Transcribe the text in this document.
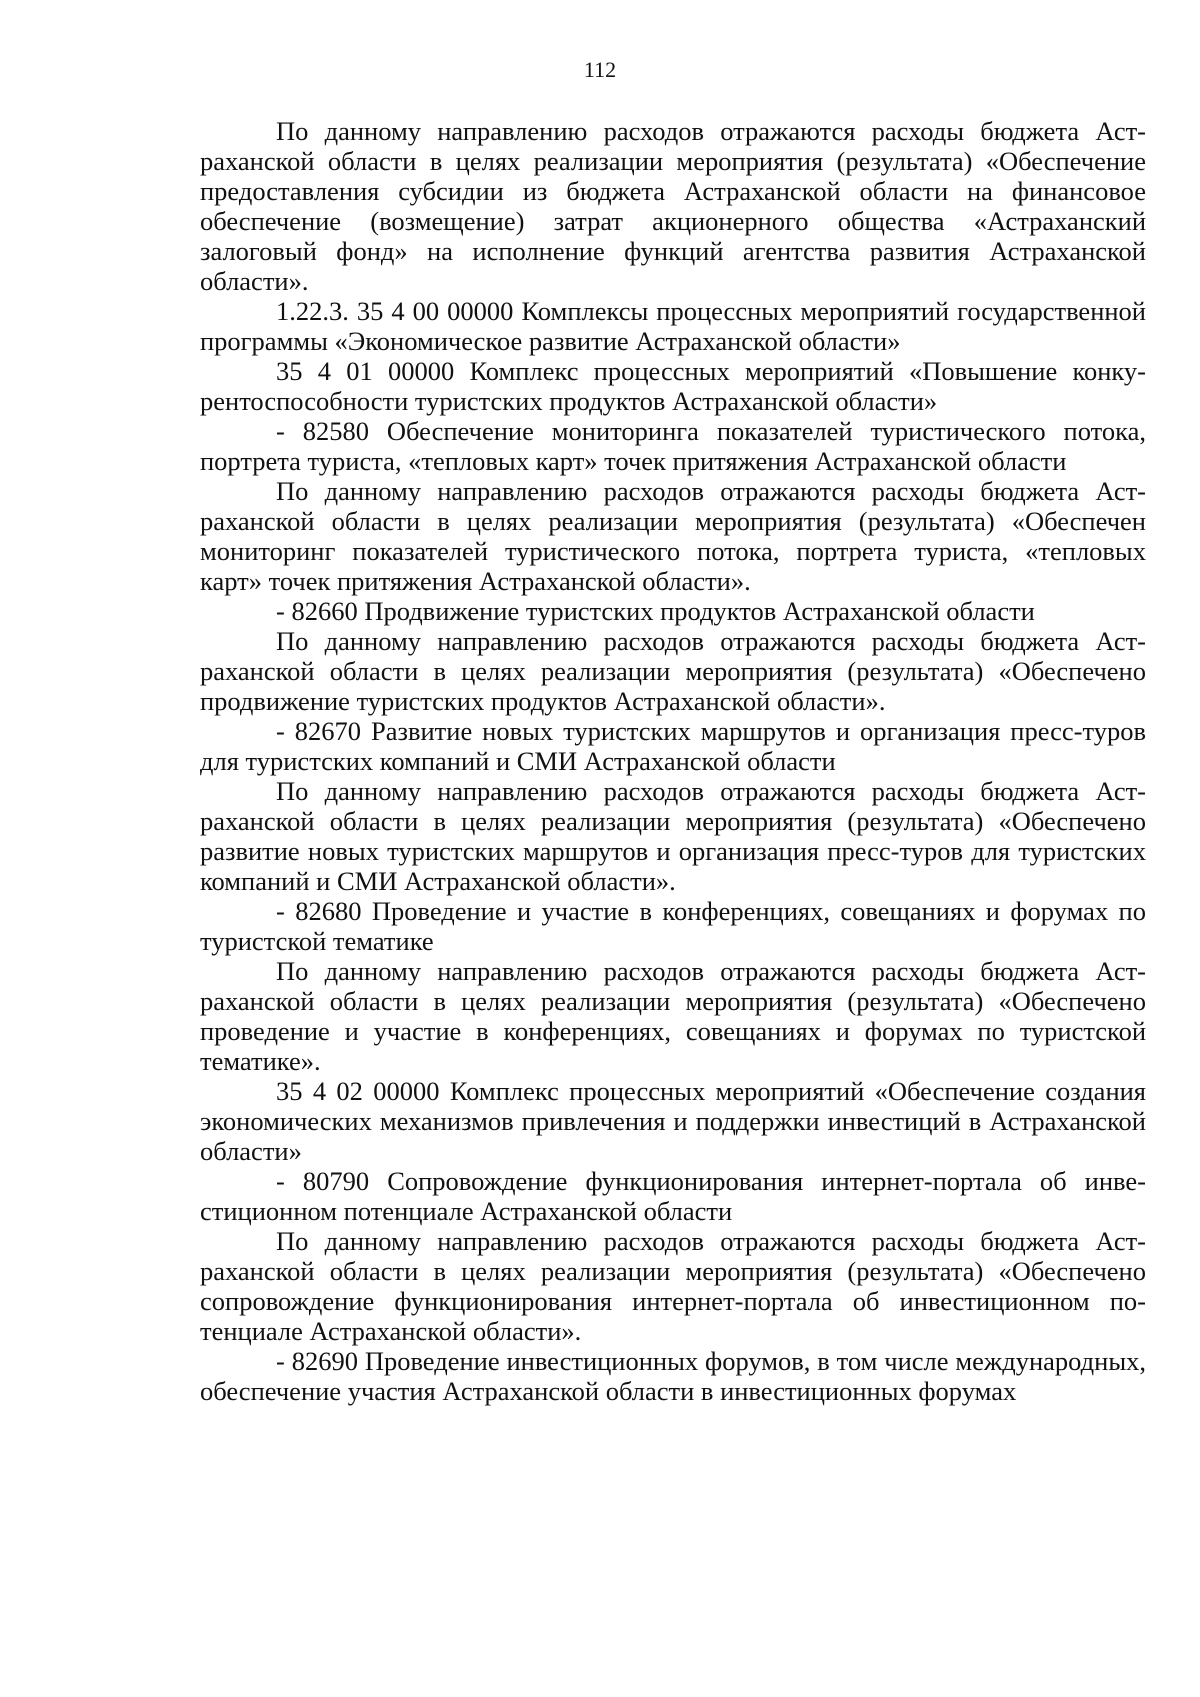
112

По данному направлению расходов отражаются расходы бюджета Астраханской области в целях реализации мероприятия (результата) «Обеспечение предоставления субсидии из бюджета Астраханской области на финансовое обеспечение (возмещение) затрат акционерного общества «Астраханский залоговый фонд» на исполнение функций агентства развития Астраханской области».

1.22.3. 35 4 00 00000 Комплексы процессных мероприятий государственной программы «Экономическое развитие Астраханской области»

35 4 01 00000 Комплекс процессных мероприятий «Повышение конкурентоспособности туристских продуктов Астраханской области»

- 82580 Обеспечение мониторинга показателей туристического потока, портрета туриста, «тепловых карт» точек притяжения Астраханской области

По данному направлению расходов отражаются расходы бюджета Астраханской области в целях реализации мероприятия (результата) «Обеспечен мониторинг показателей туристического потока, портрета туриста, «тепловых карт» точек притяжения Астраханской области».

- 82660 Продвижение туристских продуктов Астраханской области

По данному направлению расходов отражаются расходы бюджета Астраханской области в целях реализации мероприятия (результата) «Обеспечено продвижение туристских продуктов Астраханской области».

- 82670 Развитие новых туристских маршрутов и организация пресс-туров для туристских компаний и СМИ Астраханской области

По данному направлению расходов отражаются расходы бюджета Астраханской области в целях реализации мероприятия (результата) «Обеспечено развитие новых туристских маршрутов и организация пресс-туров для туристских компаний и СМИ Астраханской области».

- 82680 Проведение и участие в конференциях, совещаниях и форумах по туристской тематике

По данному направлению расходов отражаются расходы бюджета Астраханской области в целях реализации мероприятия (результата) «Обеспечено проведение и участие в конференциях, совещаниях и форумах по туристской тематике».

35 4 02 00000 Комплекс процессных мероприятий «Обеспечение создания экономических механизмов привлечения и поддержки инвестиций в Астраханской области»

- 80790 Сопровождение функционирования интернет-портала об инвестиционном потенциале Астраханской области

По данному направлению расходов отражаются расходы бюджета Астраханской области в целях реализации мероприятия (результата) «Обеспечено сопровождение функционирования интернет-портала об инвестиционном потенциале Астраханской области».

- 82690 Проведение инвестиционных форумов, в том числе международных, обеспечение участия Астраханской области в инвестиционных форумах
